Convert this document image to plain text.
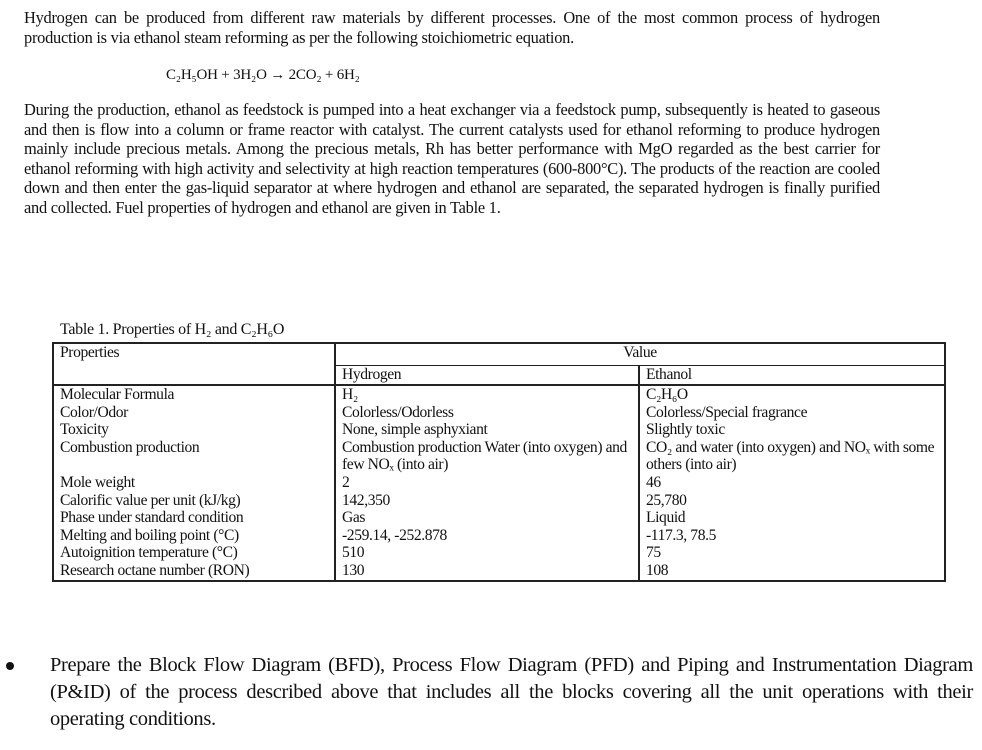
Hydrogen can be produced from different raw materials by different processes. One of the most common process of hydrogen production is via ethanol steam reforming as per the following stoichiometric equation.

C₂H₅OH + 3H₂O → 2CO₂ + 6H₂

During the production, ethanol as feedstock is pumped into a heat exchanger via a feedstock pump, subsequently is heated to gaseous and then is flow into a column or frame reactor with catalyst. The current catalysts used for ethanol reforming to produce hydrogen mainly include precious metals. Among the precious metals, Rh has better performance with MgO regarded as the best carrier for ethanol reforming with high activity and selectivity at high reaction temperatures (600-800°C). The products of the reaction are cooled down and then enter the gas-liquid separator at where hydrogen and ethanol are separated, the separated hydrogen is finally purified and collected. Fuel properties of hydrogen and ethanol are given in Table 1.

Table 1. Properties of H₂ and C₂H₆O
Properties	Value	
	Hydrogen	Ethanol
Molecular Formula	H₂	C₂H₆O
Color/Odor	Colorless/Odorless	Colorless/Special fragrance
Toxicity	None, simple asphyxiant	Slightly toxic
Combustion production	Combustion production Water (into oxygen) and few NOₓ (into air)	CO₂ and water (into oxygen) and NOₓ with some others (into air)
Mole weight	2	46
Calorific value per unit (kJ/kg)	142,350	25,780
Phase under standard condition	Gas	Liquid
Melting and boiling point (°C)	-259.14, -252.878	-117.3, 78.5
Autoignition temperature (°C)	510	75
Research octane number (RON)	130	108

Prepare the Block Flow Diagram (BFD), Process Flow Diagram (PFD) and Piping and Instrumentation Diagram (P&ID) of the process described above that includes all the blocks covering all the unit operations with their operating conditions.
